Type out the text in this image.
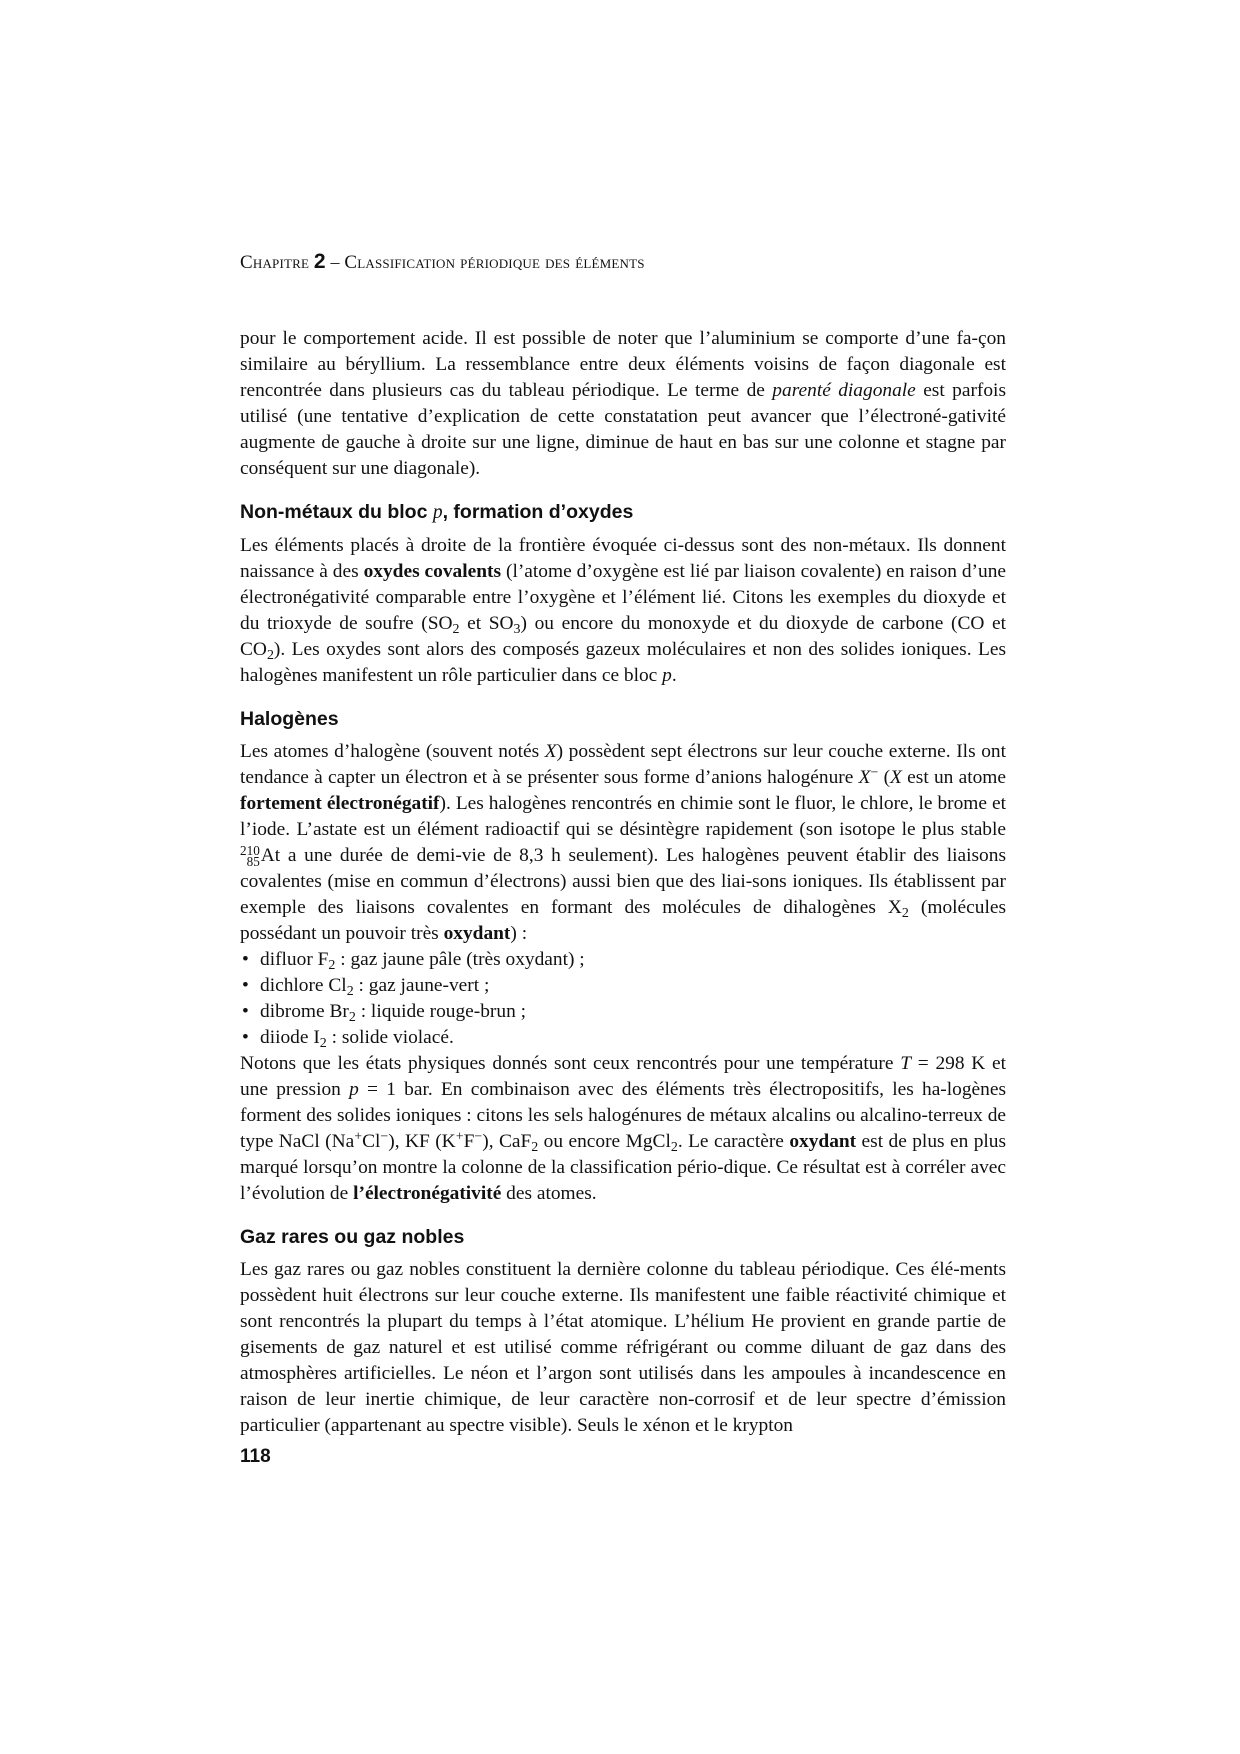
Chapitre 2 – Classification périodique des éléments

pour le comportement acide. Il est possible de noter que l’aluminium se comporte d’une fa-çon similaire au béryllium. La ressemblance entre deux éléments voisins de façon diagonale est rencontrée dans plusieurs cas du tableau périodique. Le terme de parenté diagonale est parfois utilisé (une tentative d’explication de cette constatation peut avancer que l’électroné-gativité augmente de gauche à droite sur une ligne, diminue de haut en bas sur une colonne et stagne par conséquent sur une diagonale).

Non-métaux du bloc p, formation d’oxydes

Les éléments placés à droite de la frontière évoquée ci-dessus sont des non-métaux. Ils donnent naissance à des oxydes covalents (l’atome d’oxygène est lié par liaison covalente) en raison d’une électronégativité comparable entre l’oxygène et l’élément lié. Citons les exemples du dioxyde et du trioxyde de soufre ($SO_2$ et $SO_3$) ou encore du monoxyde et du dioxyde de carbone (CO et $CO_2$). Les oxydes sont alors des composés gazeux moléculaires et non des solides ioniques. Les halogènes manifestent un rôle particulier dans ce bloc p.

Halogènes

Les atomes d’halogène (souvent notés X) possèdent sept électrons sur leur couche externe. Ils ont tendance à capter un électron et à se présenter sous forme d’anions halogénure X− (X est un atome fortement électronégatif). Les halogènes rencontrés en chimie sont le fluor, le chlore, le brome et l’iode. L’astate est un élément radioactif qui se désintègre rapidement (son isotope le plus stable
210
85 At a une durée de demi-vie de 8,3 h seulement). Les halogènes peuvent établir des liaisons covalentes (mise en commun d’électrons) aussi bien que des liai-sons ioniques. Ils établissent par exemple des liaisons covalentes en formant des molécules de dihalogènes $X_2$ (molécules possédant un pouvoir très oxydant) :

• difluor $F_2$ : gaz jaune pâle (très oxydant) ;
• dichlore $Cl_2$ : gaz jaune-vert ;
• dibrome $Br_2$ : liquide rouge-brun ;
• diiode $I_2$ : solide violacé.

Notons que les états physiques donnés sont ceux rencontrés pour une température T = 298 K et une pression p = 1 bar. En combinaison avec des éléments très électropositifs, les ha-logènes forment des solides ioniques : citons les sels halogénures de métaux alcalins ou alcalino-terreux de type NaCl (Na+Cl−), KF (K+F−), CaF$_2$ ou encore MgCl$_2$. Le caractère oxydant est de plus en plus marqué lorsqu’on montre la colonne de la classification pério-dique. Ce résultat est à corréler avec l’évolution de l’électronégativité des atomes.

Gaz rares ou gaz nobles

Les gaz rares ou gaz nobles constituent la dernière colonne du tableau périodique. Ces élé-ments possèdent huit électrons sur leur couche externe. Ils manifestent une faible réactivité chimique et sont rencontrés la plupart du temps à l’état atomique. L’hélium He provient en grande partie de gisements de gaz naturel et est utilisé comme réfrigérant ou comme diluant de gaz dans des atmosphères artificielles. Le néon et l’argon sont utilisés dans les ampoules à incandescence en raison de leur inertie chimique, de leur caractère non-corrosif et de leur spectre d’émission particulier (appartenant au spectre visible). Seuls le xénon et le krypton

118
